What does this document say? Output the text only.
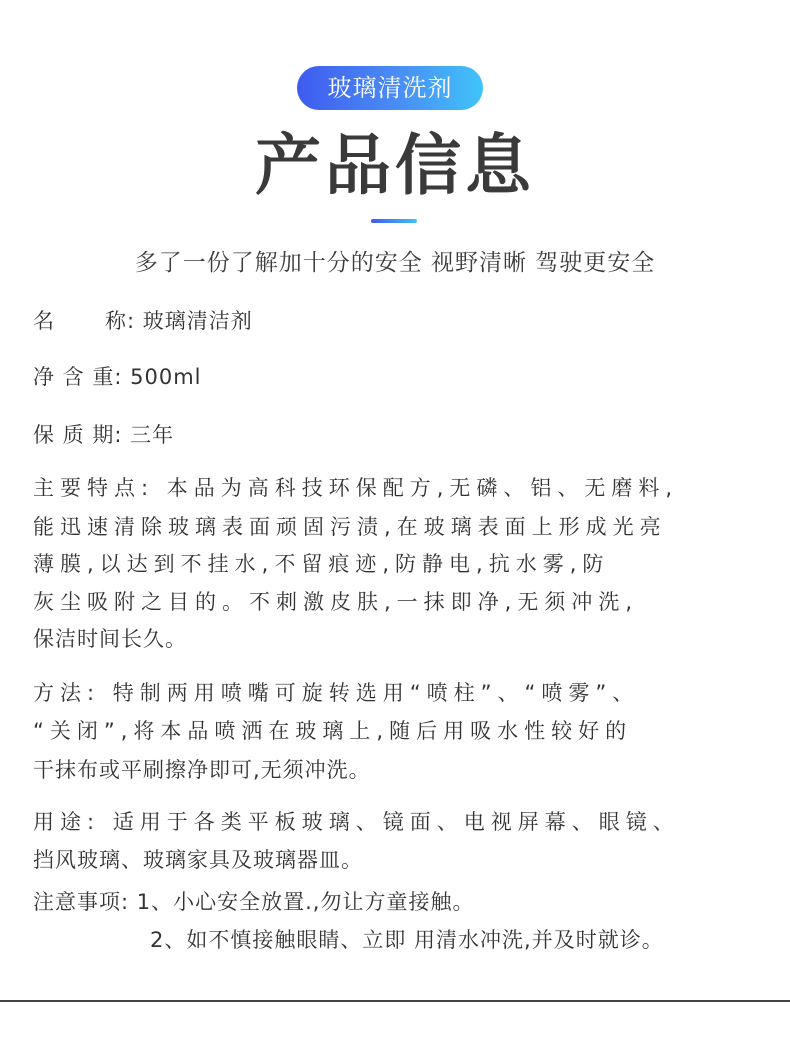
玻璃清洗剂
产品信息
多了一份了解加十分的安全 视野清晰 驾驶更安全
名 称: 玻璃清洁剂
净 含 重: 500ml
保 质 期: 三年
主要特点: 本品为高科技环保配方,无磷、铝、无磨料,
能迅速清除玻璃表面顽固污渍,在玻璃表面上形成光亮
薄膜,以达到不挂水,不留痕迹,防静电,抗水雾,防
灰尘吸附之目的。不刺激皮肤,一抹即净,无须冲洗,
保洁时间长久。
方法: 特制两用喷嘴可旋转选用“喷柱”、“喷雾”、
“关闭”,将本品喷洒在玻璃上,随后用吸水性较好的
干抹布或平刷擦净即可,无须冲洗。
用途: 适用于各类平板玻璃、镜面、电视屏幕、眼镜、
挡风玻璃、玻璃家具及玻璃器皿。
注意事项: 1、小心安全放置.,勿让方童接触。
2、如不慎接触眼睛、立即 用清水冲洗,并及时就诊。
